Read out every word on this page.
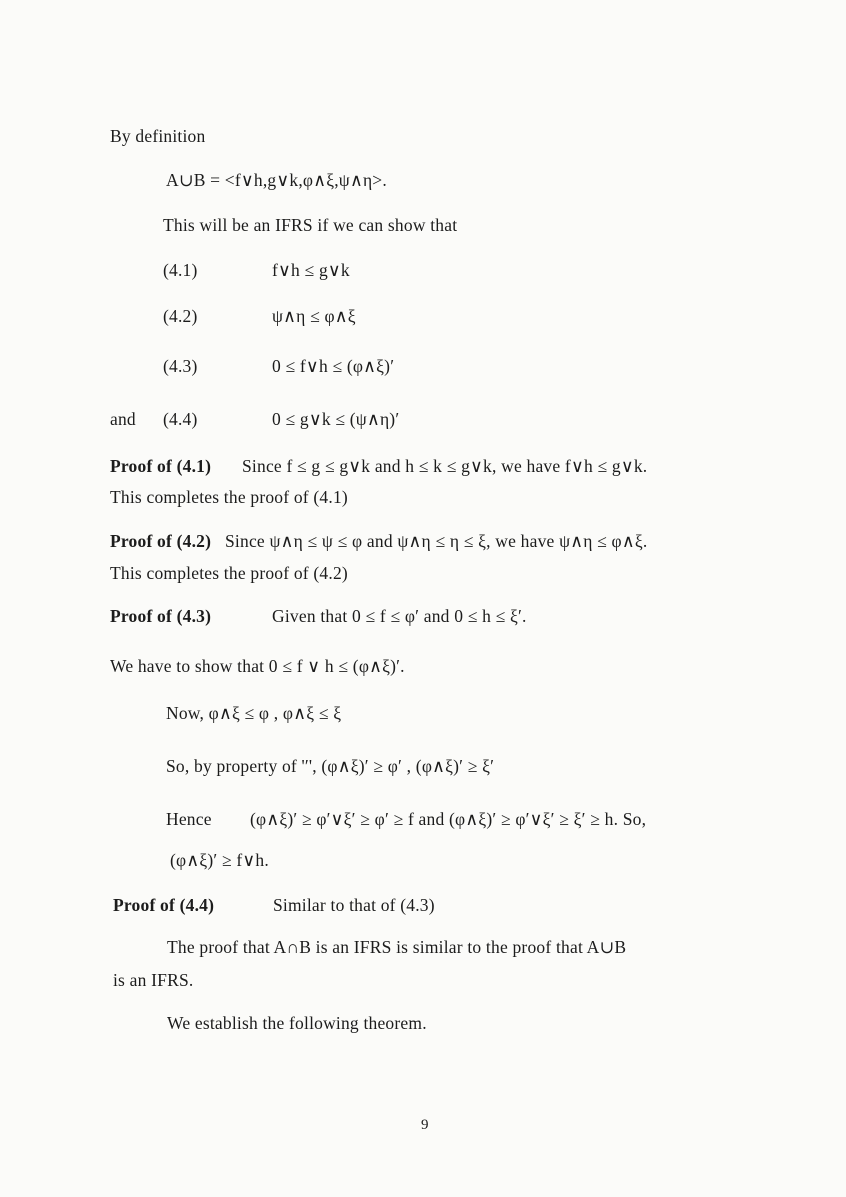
By definition
A∪B = <f∨h,g∨k,φ∧ξ,ψ∧η>.
This will be an IFRS if we can show that
(4.1)	f∨h ≤ g∨k
(4.2)	ψ∧η ≤ φ∧ξ
(4.3)	0 ≤ f∨h ≤ (φ∧ξ)′
and (4.4)	0 ≤ g∨k ≤ (ψ∧η)′
Proof of (4.1) Since f ≤ g ≤ g∨k and h ≤ k ≤ g∨k, we have f∨h ≤ g∨k.
This completes the proof of (4.1)
Proof of (4.2) Since ψ∧η ≤ ψ ≤ φ and ψ∧η ≤ η ≤ ξ, we have ψ∧η ≤ φ∧ξ.
This completes the proof of (4.2)
Proof of (4.3)	Given that 0 ≤ f ≤ φ′ and 0 ≤ h ≤ ξ′.
We have to show that 0 ≤ f ∨ h ≤ (φ∧ξ)′.
Now, φ∧ξ ≤ φ , φ∧ξ ≤ ξ
So, by property of '′', (φ∧ξ)′ ≥ φ′ , (φ∧ξ)′ ≥ ξ′
Hence (φ∧ξ)′ ≥ φ′∨ξ′ ≥ φ′ ≥ f and (φ∧ξ)′ ≥ φ′∨ξ′ ≥ ξ′ ≥ h. So,
(φ∧ξ)′ ≥ f∨h.
Proof of (4.4)	Similar to that of (4.3)
The proof that A∩B is an IFRS is similar to the proof that A∪B
is an IFRS.
We establish the following theorem.
9
